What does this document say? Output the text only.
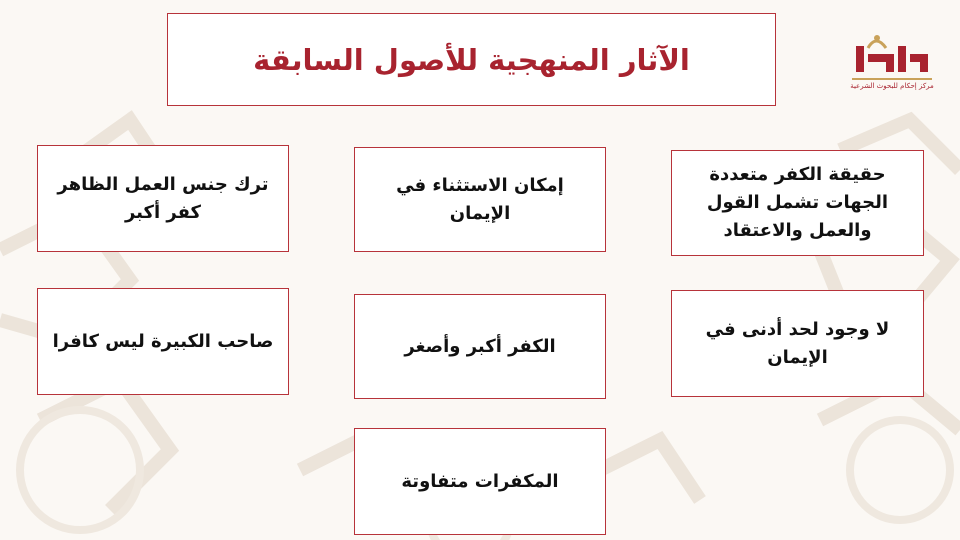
الآثار المنهجية للأصول السابقة
مركز إحكام للبحوث الشرعية
حقيقة الكفر متعددة
الجهات تشمل القول
والعمل والاعتقاد
إمكان الاستثناء في
الإيمان
ترك جنس العمل الظاهر
كفر أكبر
لا وجود لحد أدنى في
الإيمان
الكفر أكبر وأصغر
صاحب الكبيرة ليس كافرا
المكفرات متفاوتة
